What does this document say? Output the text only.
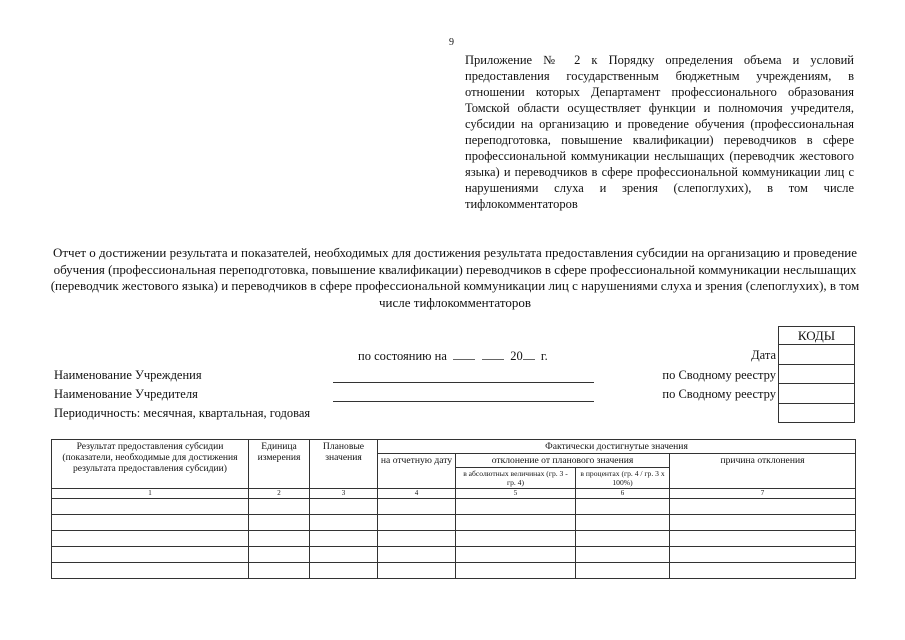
9
Приложение № 2 к Порядку определения объема и условий предоставления государственным бюджетным учреждениям, в отношении которых Департамент профессионального образования Томской области осуществляет функции и полномочия учредителя, субсидии на организацию и проведение обучения (профессиональная переподготовка, повышение квалификации) переводчиков в сфере профессиональной коммуникации неслышащих (переводчик жестового языка) и переводчиков в сфере профессиональной коммуникации лиц с нарушениями слуха и зрения (слепоглухих), в том числе тифлокомментаторов
Отчет о достижении результата и показателей, необходимых для достижения результата предоставления субсидии на организацию и проведение обучения (профессиональная переподготовка, повышение квалификации) переводчиков в сфере профессиональной коммуникации неслышащих (переводчик жестового языка) и переводчиков в сфере профессиональной коммуникации лиц с нарушениями слуха и зрения (слепоглухих), в том числе тифлокомментаторов
по состоянию на	20 г.
Наименование Учреждения
Наименование Учредителя
Периодичность: месячная, квартальная, годовая
Дата
по Сводному реестру
по Сводному реестру
КОДЫ

Результат предоставления субсидии (показатели, необходимые для достижения результата предоставления субсидии)	Единица измерения	Плановые значения	Фактически достигнутые значения			
			на отчетную дату	отклонение от планового значения		причина отклонения
				в абсолютных величинах (гр. 3 - гр. 4)	в процентах (гр. 4 / гр. 3 x 100%)	
1	2	3	4	5	6	7
